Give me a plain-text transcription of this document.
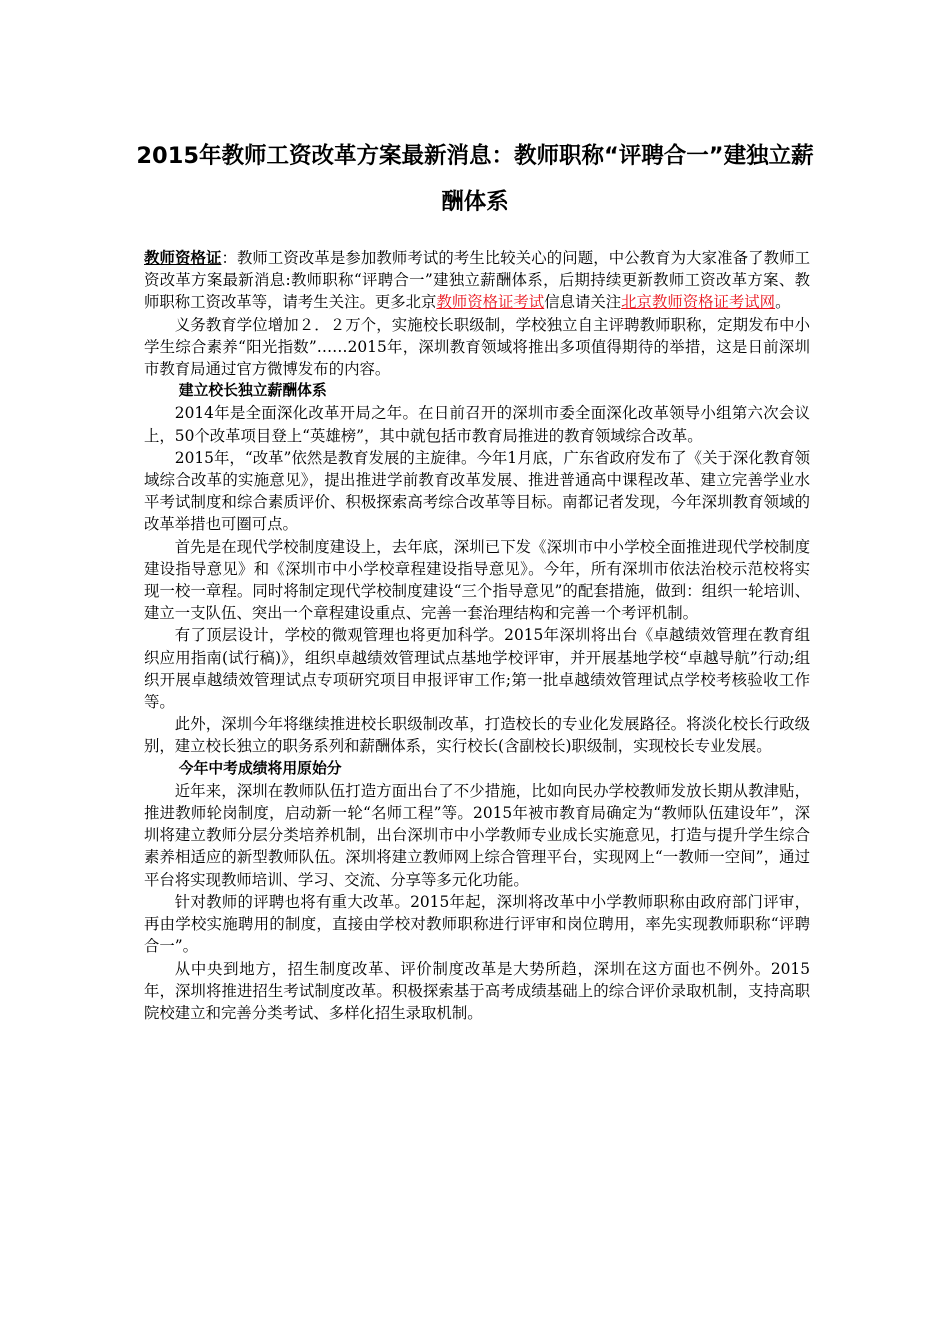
2015年教师工资改革方案最新消息：教师职称“评聘合一”建独立薪酬体系

教师资格证：教师工资改革是参加教师考试的考生比较关心的问题，中公教育为大家准备了教师工资改革方案最新消息:教师职称“评聘合一”建独立薪酬体系，后期持续更新教师工资改革方案、教师职称工资改革等，请考生关注。更多北京教师资格证考试信息请关注北京教师资格证考试网。

义务教育学位增加２．２万个，实施校长职级制，学校独立自主评聘教师职称，定期发布中小学生综合素养“阳光指数”……2015年，深圳教育领域将推出多项值得期待的举措，这是日前深圳市教育局通过官方微博发布的内容。

建立校长独立薪酬体系

2014年是全面深化改革开局之年。在日前召开的深圳市委全面深化改革领导小组第六次会议上，50个改革项目登上“英雄榜”，其中就包括市教育局推进的教育领域综合改革。

2015年，“改革”依然是教育发展的主旋律。今年1月底，广东省政府发布了《关于深化教育领域综合改革的实施意见》，提出推进学前教育改革发展、推进普通高中课程改革、建立完善学业水平考试制度和综合素质评价、积极探索高考综合改革等目标。南都记者发现，今年深圳教育领域的改革举措也可圈可点。

首先是在现代学校制度建设上，去年底，深圳已下发《深圳市中小学校全面推进现代学校制度建设指导意见》和《深圳市中小学校章程建设指导意见》。今年，所有深圳市依法治校示范校将实现一校一章程。同时将制定现代学校制度建设“三个指导意见”的配套措施，做到：组织一轮培训、建立一支队伍、突出一个章程建设重点、完善一套治理结构和完善一个考评机制。

有了顶层设计，学校的微观管理也将更加科学。2015年深圳将出台《卓越绩效管理在教育组织应用指南(试行稿)》，组织卓越绩效管理试点基地学校评审，并开展基地学校“卓越导航”行动;组织开展卓越绩效管理试点专项研究项目申报评审工作;第一批卓越绩效管理试点学校考核验收工作等。

此外，深圳今年将继续推进校长职级制改革，打造校长的专业化发展路径。将淡化校长行政级别，建立校长独立的职务系列和薪酬体系，实行校长(含副校长)职级制，实现校长专业发展。

今年中考成绩将用原始分

近年来，深圳在教师队伍打造方面出台了不少措施，比如向民办学校教师发放长期从教津贴，推进教师轮岗制度，启动新一轮“名师工程”等。2015年被市教育局确定为“教师队伍建设年”，深圳将建立教师分层分类培养机制，出台深圳市中小学教师专业成长实施意见，打造与提升学生综合素养相适应的新型教师队伍。深圳将建立教师网上综合管理平台，实现网上“一教师一空间”，通过平台将实现教师培训、学习、交流、分享等多元化功能。

针对教师的评聘也将有重大改革。2015年起，深圳将改革中小学教师职称由政府部门评审，再由学校实施聘用的制度，直接由学校对教师职称进行评审和岗位聘用，率先实现教师职称“评聘合一”。

从中央到地方，招生制度改革、评价制度改革是大势所趋，深圳在这方面也不例外。2015年，深圳将推进招生考试制度改革。积极探索基于高考成绩基础上的综合评价录取机制，支持高职院校建立和完善分类考试、多样化招生录取机制。
